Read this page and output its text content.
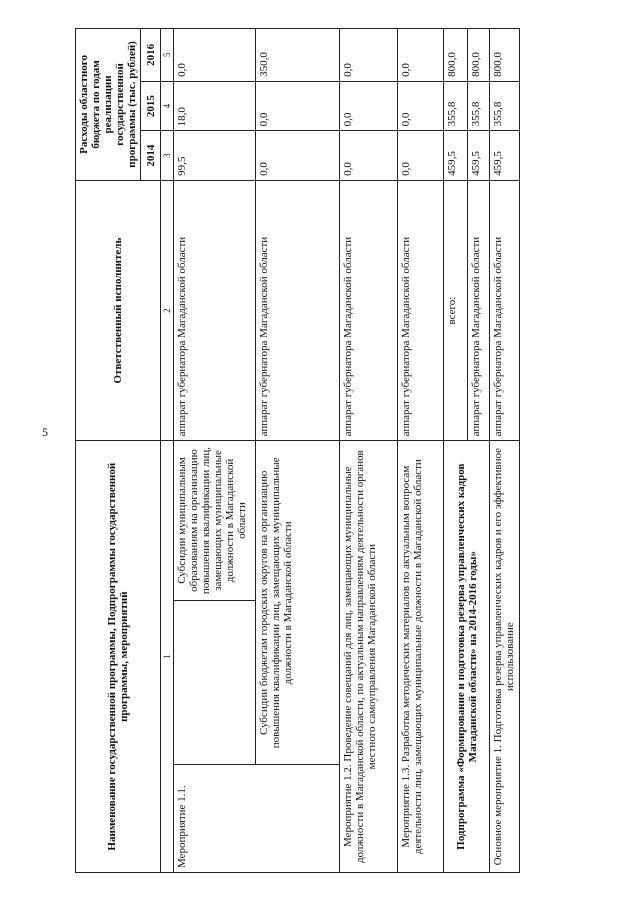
5
Наименование государственной программы, Подпрограммы государственной программы, мероприятий			Ответственный исполнитель	Расходы областного бюджета по годам реализации государственной программы (тыс. рублей)		
				2014	2015	2016
1			2	3	4	5
Мероприятие 1.1.		Субсидии муниципальным образованиям на организацию повышения квалификации лиц, замещающих муниципальные должности в Магаданской области	аппарат губернатора Магаданской области	99,5	18,0	0,0
	Субсидии бюджетам городских округов на организацию повышения квалификации лиц, замещающих муниципальные должности в Магаданской области		аппарат губернатора Магаданской области	0,0	0,0	350,0
Мероприятие 1.2. Проведение совещаний для лиц, замещающих муниципальные должности в Магаданской области, по актуальным направлениям деятельности органов местного самоуправления Магаданской области			аппарат губернатора Магаданской области	0,0	0,0	0,0
Мероприятие 1.3. Разработка методических материалов по актуальным вопросам деятельности лиц, замещающих муниципальные должности в Магаданской области			аппарат губернатора Магаданской области	0,0	0,0	0,0
Подпрограмма «Формирование и подготовка резерва управленческих кадров Магаданской области» на 2014-2016 годы»			всего:	459,5	355,8	800,0
			аппарат губернатора Магаданской области	459,5	355,8	800,0
Основное мероприятие 1. Подготовка резерва управленческих кадров и его эффективное использование			аппарат губернатора Магаданской области	459,5	355,8	800,0
